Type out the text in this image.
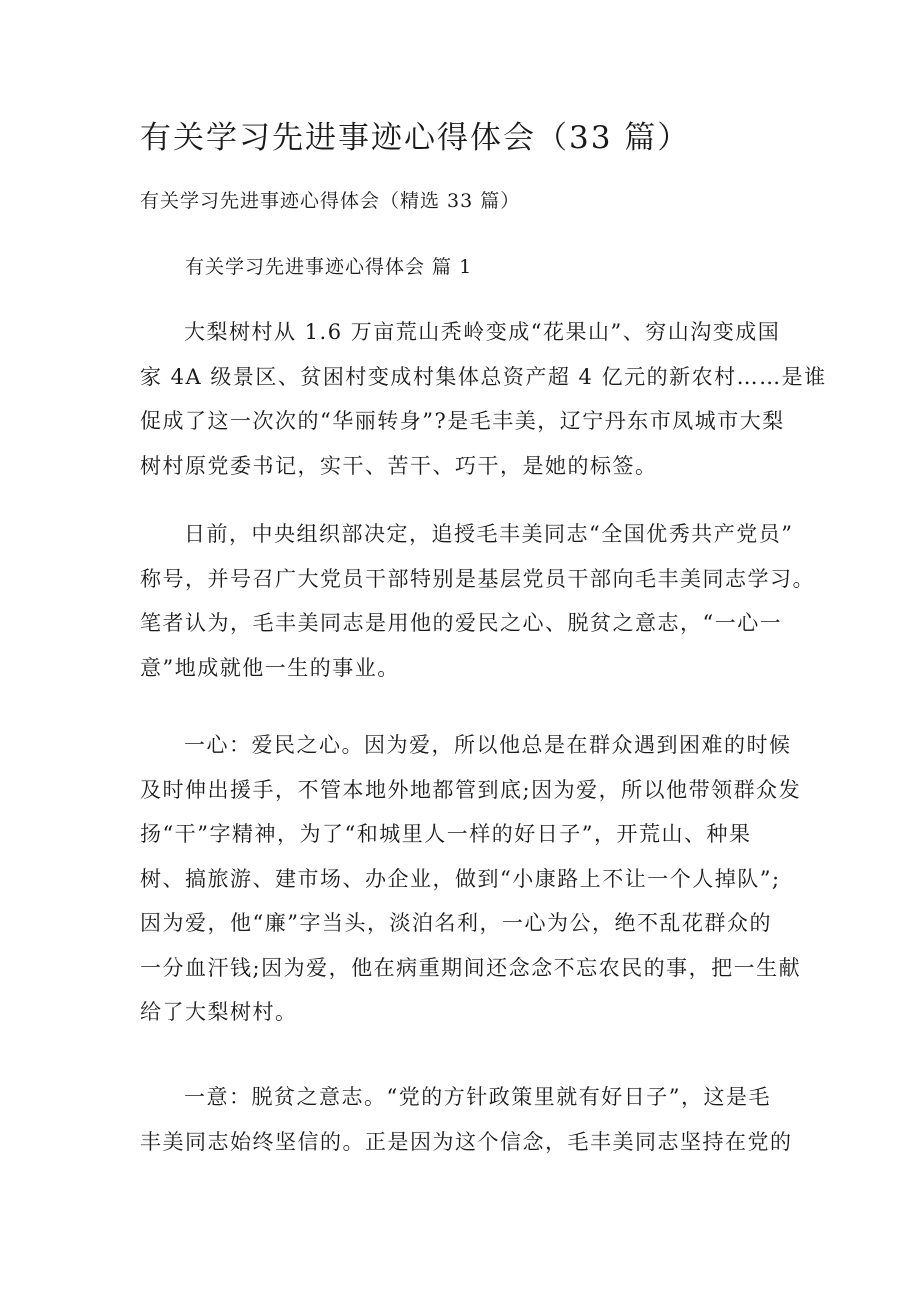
有关学习先进事迹心得体会（33 篇）
有关学习先进事迹心得体会（精选 33 篇）
有关学习先进事迹心得体会 篇 1
大梨树村从 1.6 万亩荒山秃岭变成“花果山”、穷山沟变成国
家 4A 级景区、贫困村变成村集体总资产超 4 亿元的新农村……是谁
促成了这一次次的“华丽转身”?是毛丰美，辽宁丹东市凤城市大梨
树村原党委书记，实干、苦干、巧干，是她的标签。
日前，中央组织部决定，追授毛丰美同志“全国优秀共产党员”
称号，并号召广大党员干部特别是基层党员干部向毛丰美同志学习。
笔者认为，毛丰美同志是用他的爱民之心、脱贫之意志，“一心一
意”地成就他一生的事业。
一心：爱民之心。因为爱，所以他总是在群众遇到困难的时候
及时伸出援手，不管本地外地都管到底;因为爱，所以他带领群众发
扬“干”字精神，为了“和城里人一样的好日子”，开荒山、种果
树、搞旅游、建市场、办企业，做到“小康路上不让一个人掉队”;
因为爱，他“廉”字当头，淡泊名利，一心为公，绝不乱花群众的
一分血汗钱;因为爱，他在病重期间还念念不忘农民的事，把一生献
给了大梨树村。
一意：脱贫之意志。“党的方针政策里就有好日子”，这是毛
丰美同志始终坚信的。正是因为这个信念，毛丰美同志坚持在党的
